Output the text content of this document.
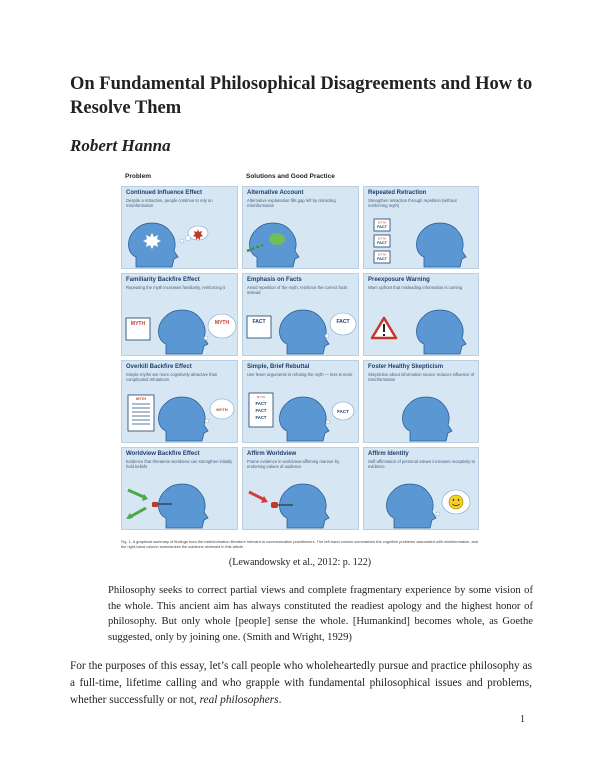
On Fundamental Philosophical Disagreements and How to Resolve Them
Robert Hanna
Problem	Solutions and Good Practice
Continued Influence Effect
Despite a retraction, people continue to rely on misinformation
Alternative Account
Alternative explanation fills gap left by retracting misinformation
Repeated Retraction
Strengthen retraction through repetition (without reinforcing myth)
MYTH
FACT
MYTH
FACT
MYTH
FACT
Familiarity Backfire Effect
Repeating the myth increases familiarity, reinforcing it
MYTH	MYTH
Emphasis on Facts
Avoid repetition of the myth; reinforce the correct facts instead
FACT	FACT
Preexposure Warning
Warn upfront that misleading information is coming
Overkill Backfire Effect
Simple myths are more cognitively attractive than complicated refutations
MYTH
MYTH
Simple, Brief Rebuttal
Use fewer arguments in refuting the myth — less is more
MYTH
FACT
FACT
FACT
FACT
Foster Healthy Skepticism
Skepticism about information source reduces influence of misinformation
Worldview Backfire Effect
Evidence that threatens worldview can strengthen initially held beliefs
Affirm Worldview
Frame evidence in worldview-affirming manner by endorsing values of audience
Affirm Identity
Self-affirmation of personal values increases receptivity to evidence
Fig. 1. A graphical summary of findings from the misinformation literature relevant to communication practitioners. The left-hand column summarizes the cognitive problems associated with misinformation, and the right-hand column summarizes the solutions reviewed in this article.

(Lewandowsky et al., 2012: p. 122)

Philosophy seeks to correct partial views and complete fragmentary experience by some vision of the whole. This ancient aim has always constituted the readiest apology and the highest honor of philosophy. But only whole [people] sense the whole. [Humankind] becomes whole, as Goethe suggested, only by joining one. (Smith and Wright, 1929)

For the purposes of this essay, let’s call people who wholeheartedly pursue and practice philosophy as a full-time, lifetime calling and who grapple with fundamental philosophical issues and problems, whether successfully or not, real philosophers.

1
